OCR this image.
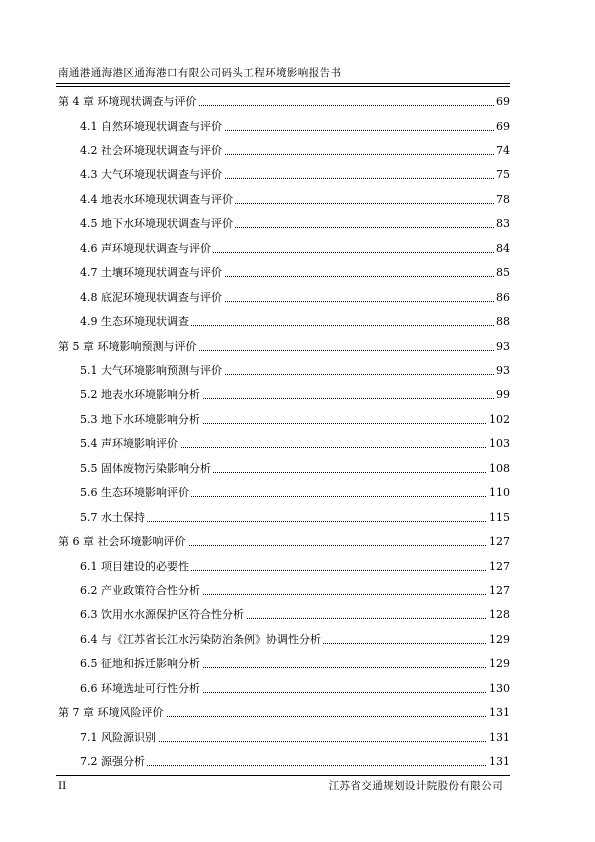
南通港通海港区通海港口有限公司码头工程环境影响报告书
第 4 章 环境现状调查与评价	69
4.1 自然环境现状调查与评价	69
4.2 社会环境现状调查与评价	74
4.3 大气环境现状调查与评价	75
4.4 地表水环境现状调查与评价	78
4.5 地下水环境现状调查与评价	83
4.6 声环境现状调查与评价	84
4.7 土壤环境现状调查与评价	85
4.8 底泥环境现状调查与评价	86
4.9 生态环境现状调查	88
第 5 章 环境影响预测与评价	93
5.1 大气环境影响预测与评价	93
5.2 地表水环境影响分析	99
5.3 地下水环境影响分析	102
5.4 声环境影响评价	103
5.5 固体废物污染影响分析	108
5.6 生态环境影响评价	110
5.7 水土保持	115
第 6 章 社会环境影响评价	127
6.1 项目建设的必要性	127
6.2 产业政策符合性分析	127
6.3 饮用水水源保护区符合性分析	128
6.4 与《江苏省长江水污染防治条例》协调性分析	129
6.5 征地和拆迁影响分析	129
6.6 环境选址可行性分析	130
第 7 章 环境风险评价	131
7.1 风险源识别	131
7.2 源强分析	131
II	江苏省交通规划设计院股份有限公司
